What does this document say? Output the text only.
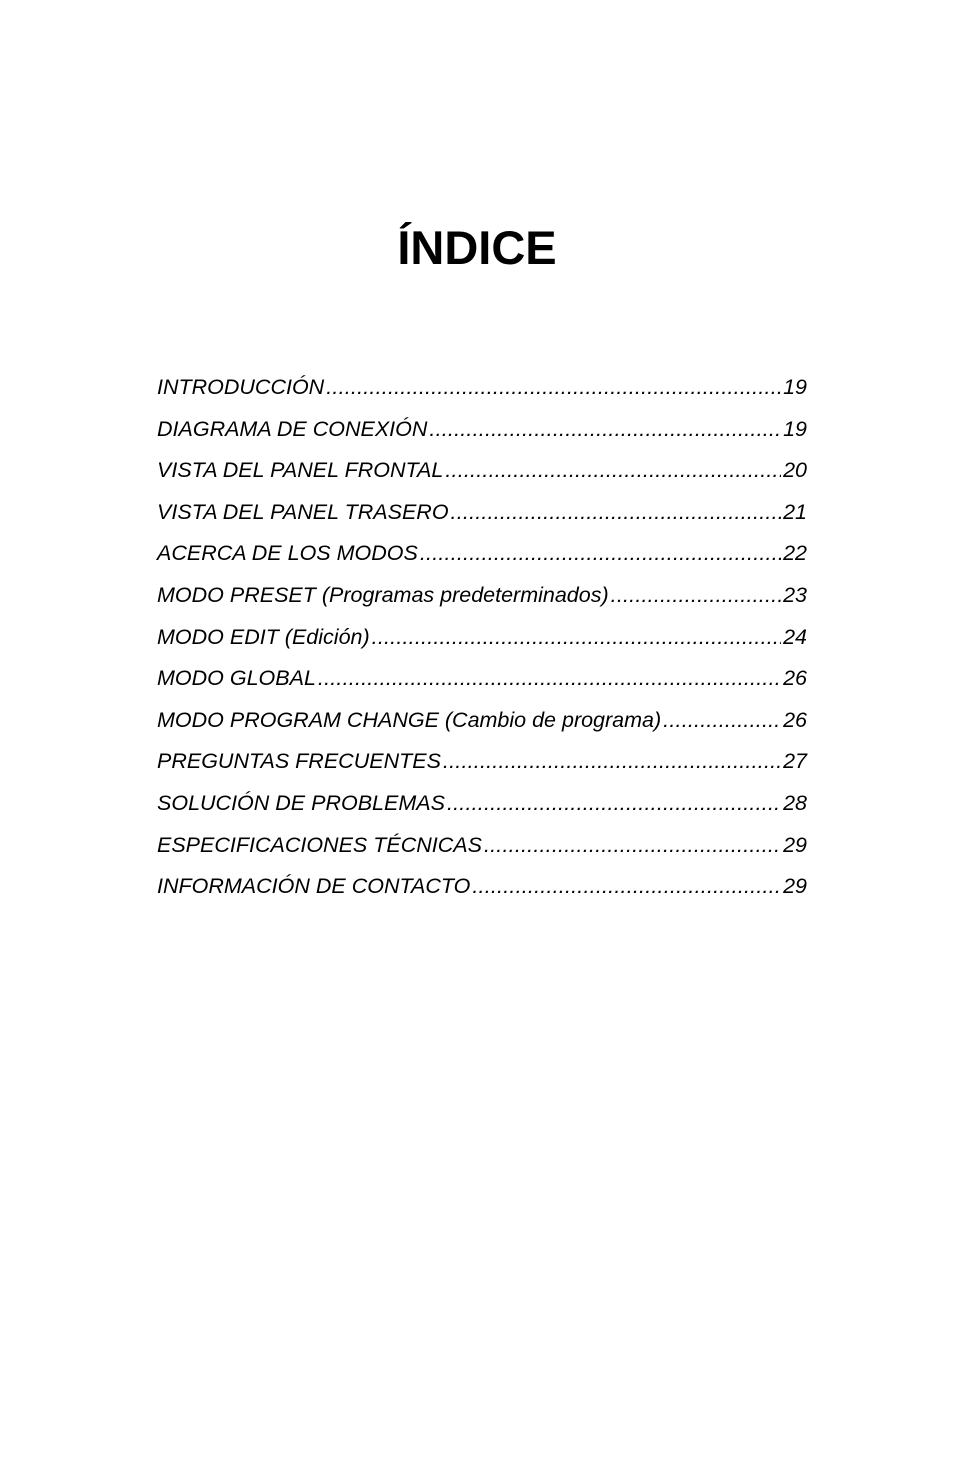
ÍNDICE
INTRODUCCIÓN .....	19
DIAGRAMA DE CONEXIÓN .....	19
VISTA DEL PANEL FRONTAL .....	20
VISTA DEL PANEL TRASERO .....	21
ACERCA DE LOS MODOS .....	22
MODO PRESET (Programas predeterminados) .....	23
MODO EDIT (Edición) .....	24
MODO GLOBAL .....	26
MODO PROGRAM CHANGE (Cambio de programa) .....	26
PREGUNTAS FRECUENTES .....	27
SOLUCIÓN DE PROBLEMAS .....	28
ESPECIFICACIONES TÉCNICAS .....	29
INFORMACIÓN DE CONTACTO .....	29
